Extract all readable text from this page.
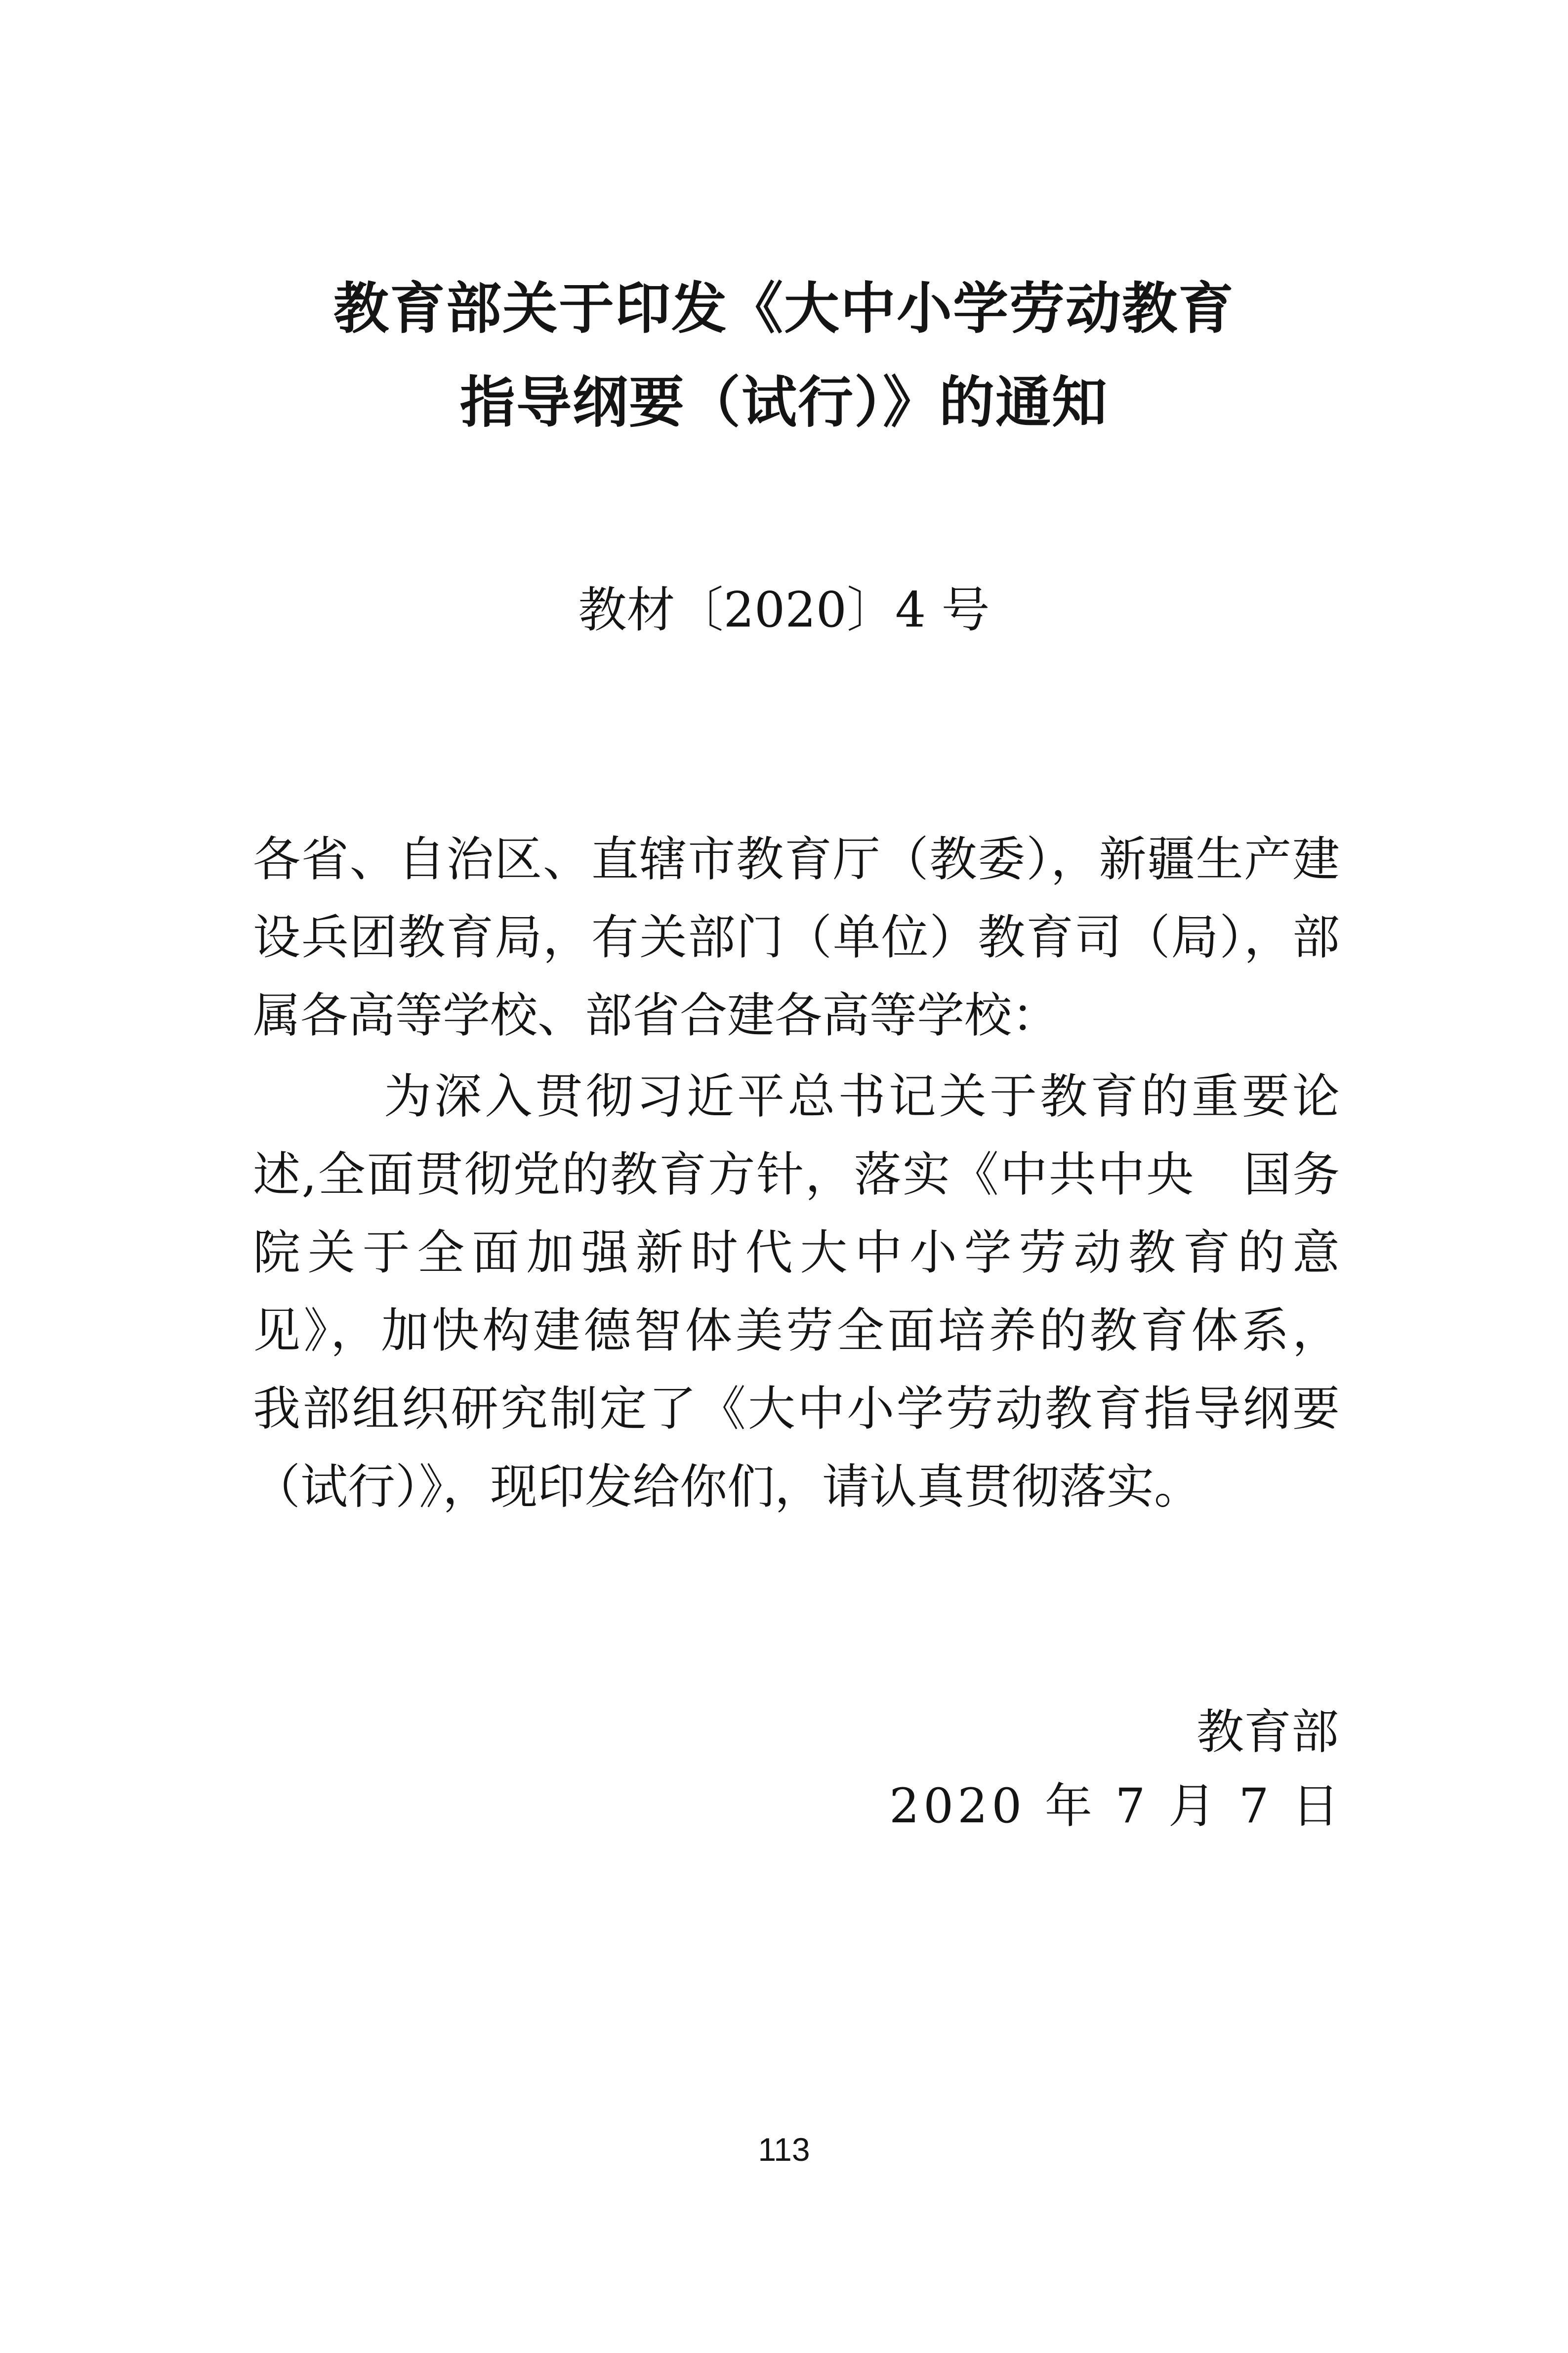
教育部关于印发《大中小学劳动教育
指导纲要（试行）》的通知
教材〔2020〕4 号
各省、自治区、直辖市教育厅（教委），新疆生产建
设兵团教育局，有关部门（单位）教育司（局），部
属各高等学校、部省合建各高等学校：
为深入贯彻习近平总书记关于教育的重要论
述,全面贯彻党的教育方针，落实《中共中央　国务
院关于全面加强新时代大中小学劳动教育的意
见》，加快构建德智体美劳全面培养的教育体系，
我部组织研究制定了《大中小学劳动教育指导纲要
（试行）》，现印发给你们，请认真贯彻落实。
教育部
2020 年 7 月 7 日
113
